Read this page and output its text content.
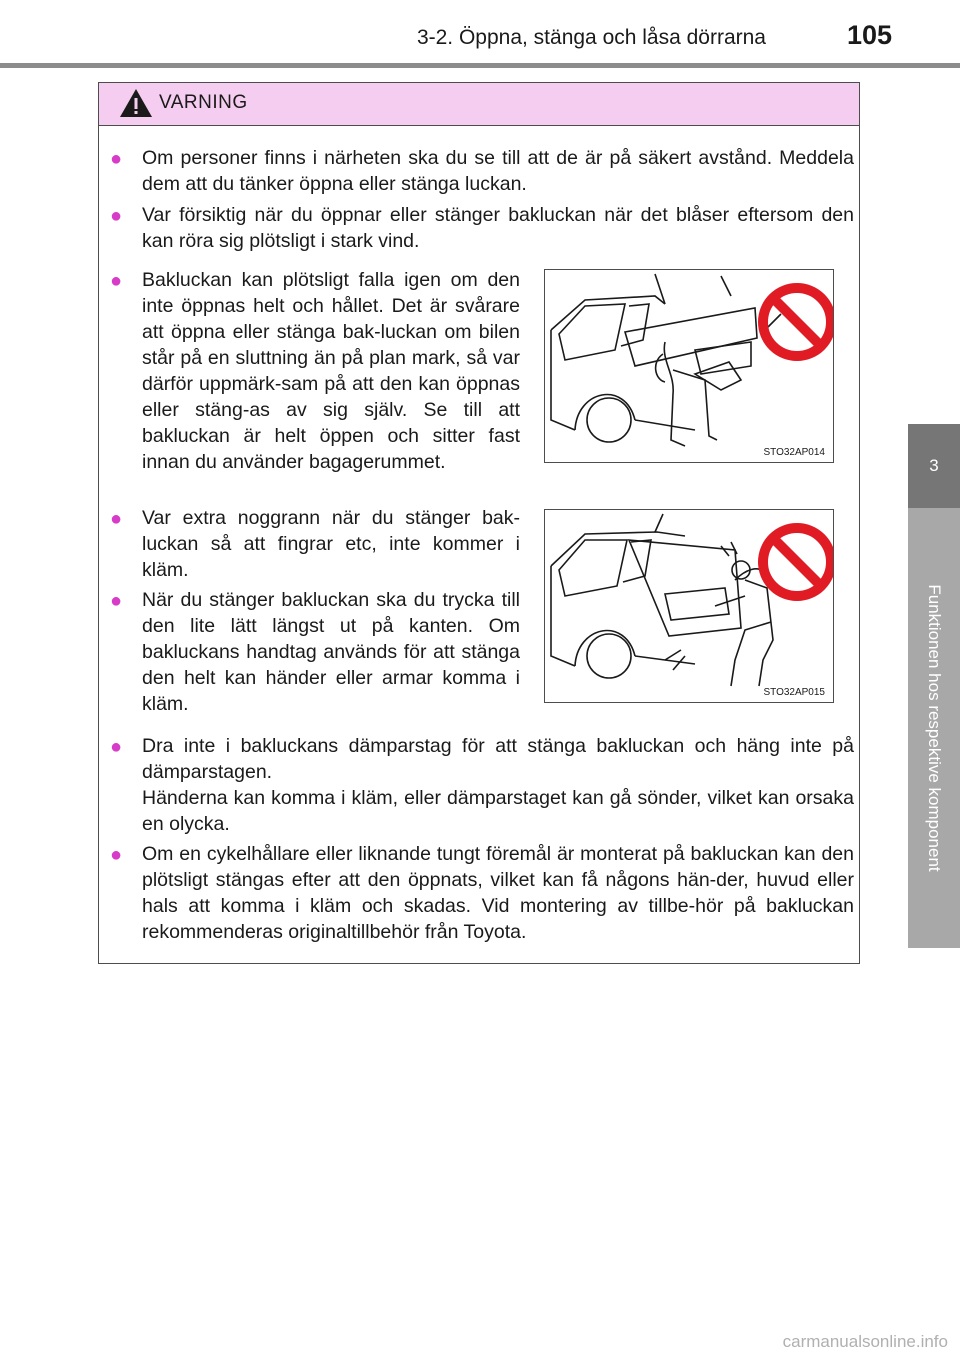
3-2. Öppna, stänga och låsa dörrarna	105
3
Funktionen hos respektive komponent
VARNING
● Om personer finns i närheten ska du se till att de är på säkert avstånd. Meddela dem att du tänker öppna eller stänga luckan.
● Var försiktig när du öppnar eller stänger bakluckan när det blåser eftersom den kan röra sig plötsligt i stark vind.
● Bakluckan kan plötsligt falla igen om den inte öppnas helt och hållet. Det är svårare att öppna eller stänga bak-luckan om bilen står på en sluttning än på plan mark, så var därför uppmärk-sam på att den kan öppnas eller stäng-as av sig själv. Se till att bakluckan är helt öppen och sitter fast innan du använder bagagerummet.
● Var extra noggrann när du stänger bak-luckan så att fingrar etc, inte kommer i kläm.
● När du stänger bakluckan ska du trycka till den lite lätt längst ut på kanten. Om bakluckans handtag används för att stänga den helt kan händer eller armar komma i kläm.
● Dra inte i bakluckans dämparstag för att stänga bakluckan och häng inte på dämparstagen.
Händerna kan komma i kläm, eller dämparstaget kan gå sönder, vilket kan orsaka en olycka.
● Om en cykelhållare eller liknande tungt föremål är monterat på bakluckan kan den plötsligt stängas efter att den öppnats, vilket kan få någons hän-der, huvud eller hals att komma i kläm och skadas. Vid montering av tillbe-hör på bakluckan rekommenderas originaltillbehör från Toyota.
STO32AP014
STO32AP015
carmanualsonline.info
